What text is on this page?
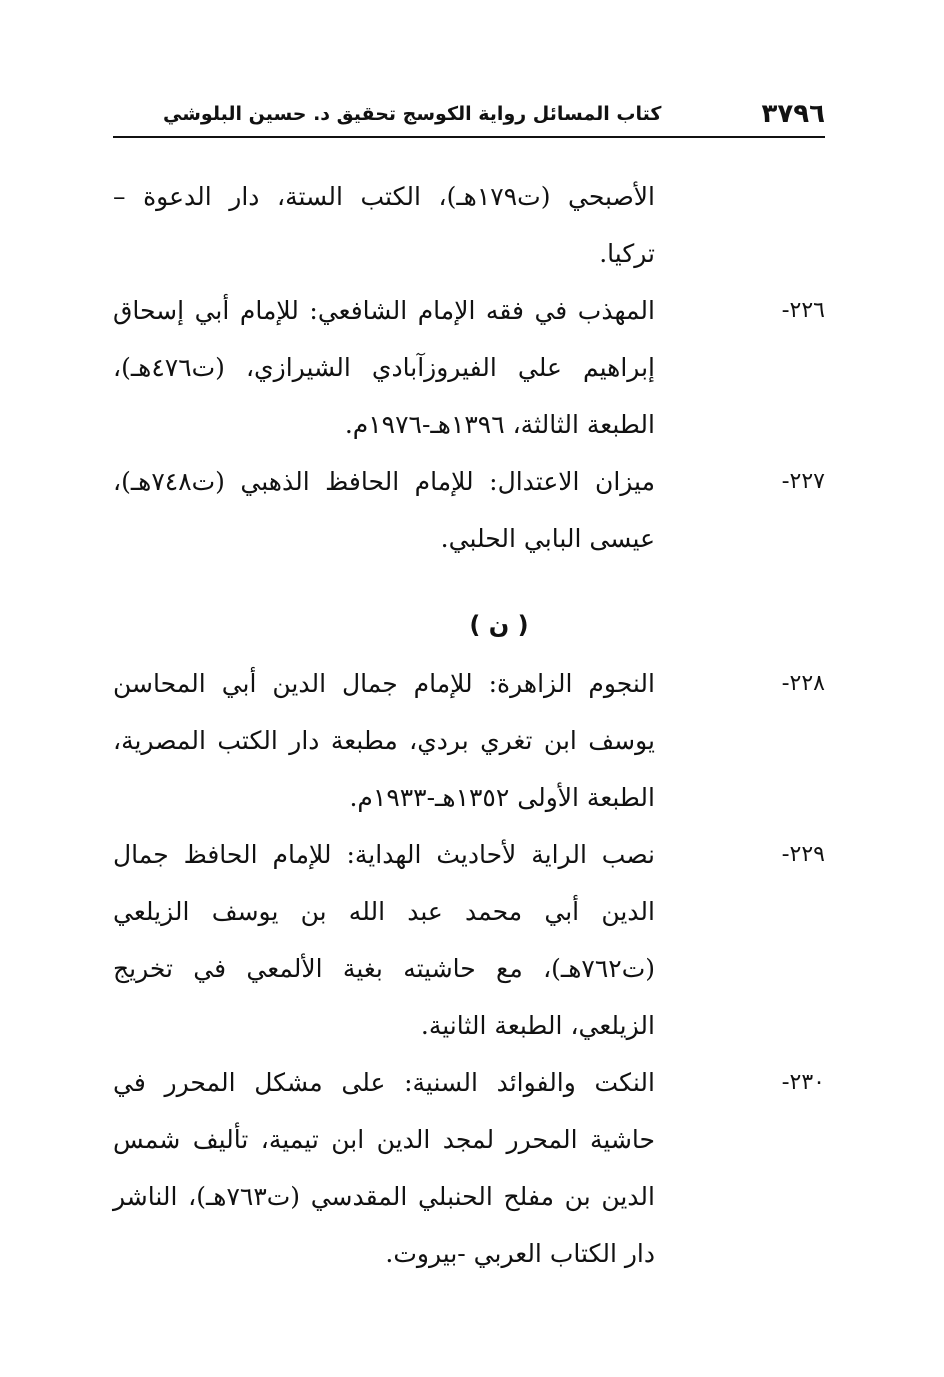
٣٧٩٦
كتاب المسائل رواية الكوسج تحقيق د. حسين البلوشي
الأصبحي (ت١٧٩هـ)، الكتب الستة، دار الدعوة – تركيا.
٢٢٦-
المهذب في فقه الإمام الشافعي: للإمام أبي إسحاق إبراهيم علي الفيروزآبادي الشيرازي، (ت٤٧٦هـ)، الطبعة الثالثة، ١٣٩٦هـ-١٩٧٦م.
٢٢٧-
ميزان الاعتدال: للإمام الحافظ الذهبي (ت٧٤٨هـ)، عيسى البابي الحلبي.
( ن )
٢٢٨-
النجوم الزاهرة: للإمام جمال الدين أبي المحاسن يوسف ابن تغري بردي، مطبعة دار الكتب المصرية، الطبعة الأولى ١٣٥٢هـ-١٩٣٣م.
٢٢٩-
نصب الراية لأحاديث الهداية: للإمام الحافظ جمال الدين أبي محمد عبد الله بن يوسف الزيلعي (ت٧٦٢هـ)، مع حاشيته بغية الألمعي في تخريج الزيلعي، الطبعة الثانية.
٢٣٠-
النكت والفوائد السنية: على مشكل المحرر في حاشية المحرر لمجد الدين ابن تيمية، تأليف شمس الدين بن مفلح الحنبلي المقدسي (ت٧٦٣هـ)، الناشر دار الكتاب العربي -بيروت.
